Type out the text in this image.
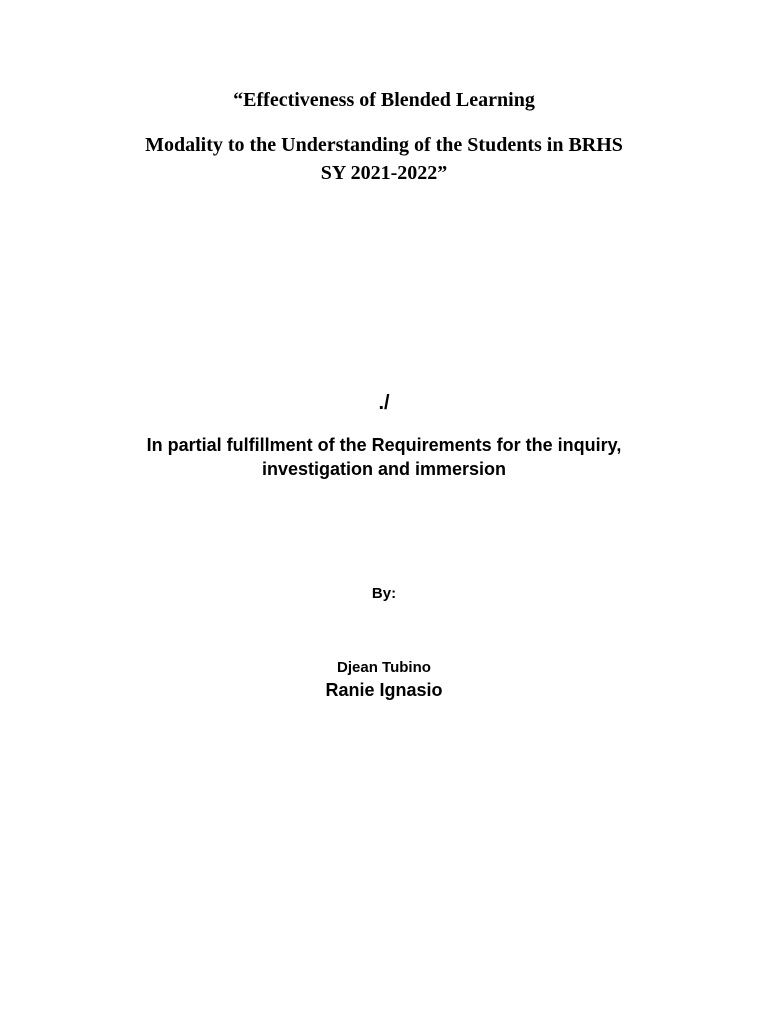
“Effectiveness of Blended Learning
Modality to the Understanding of the Students in BRHS
SY 2021-2022”
./
In partial fulfillment of the Requirements for the inquiry,
investigation and immersion
By:
Djean Tubino
Ranie Ignasio
